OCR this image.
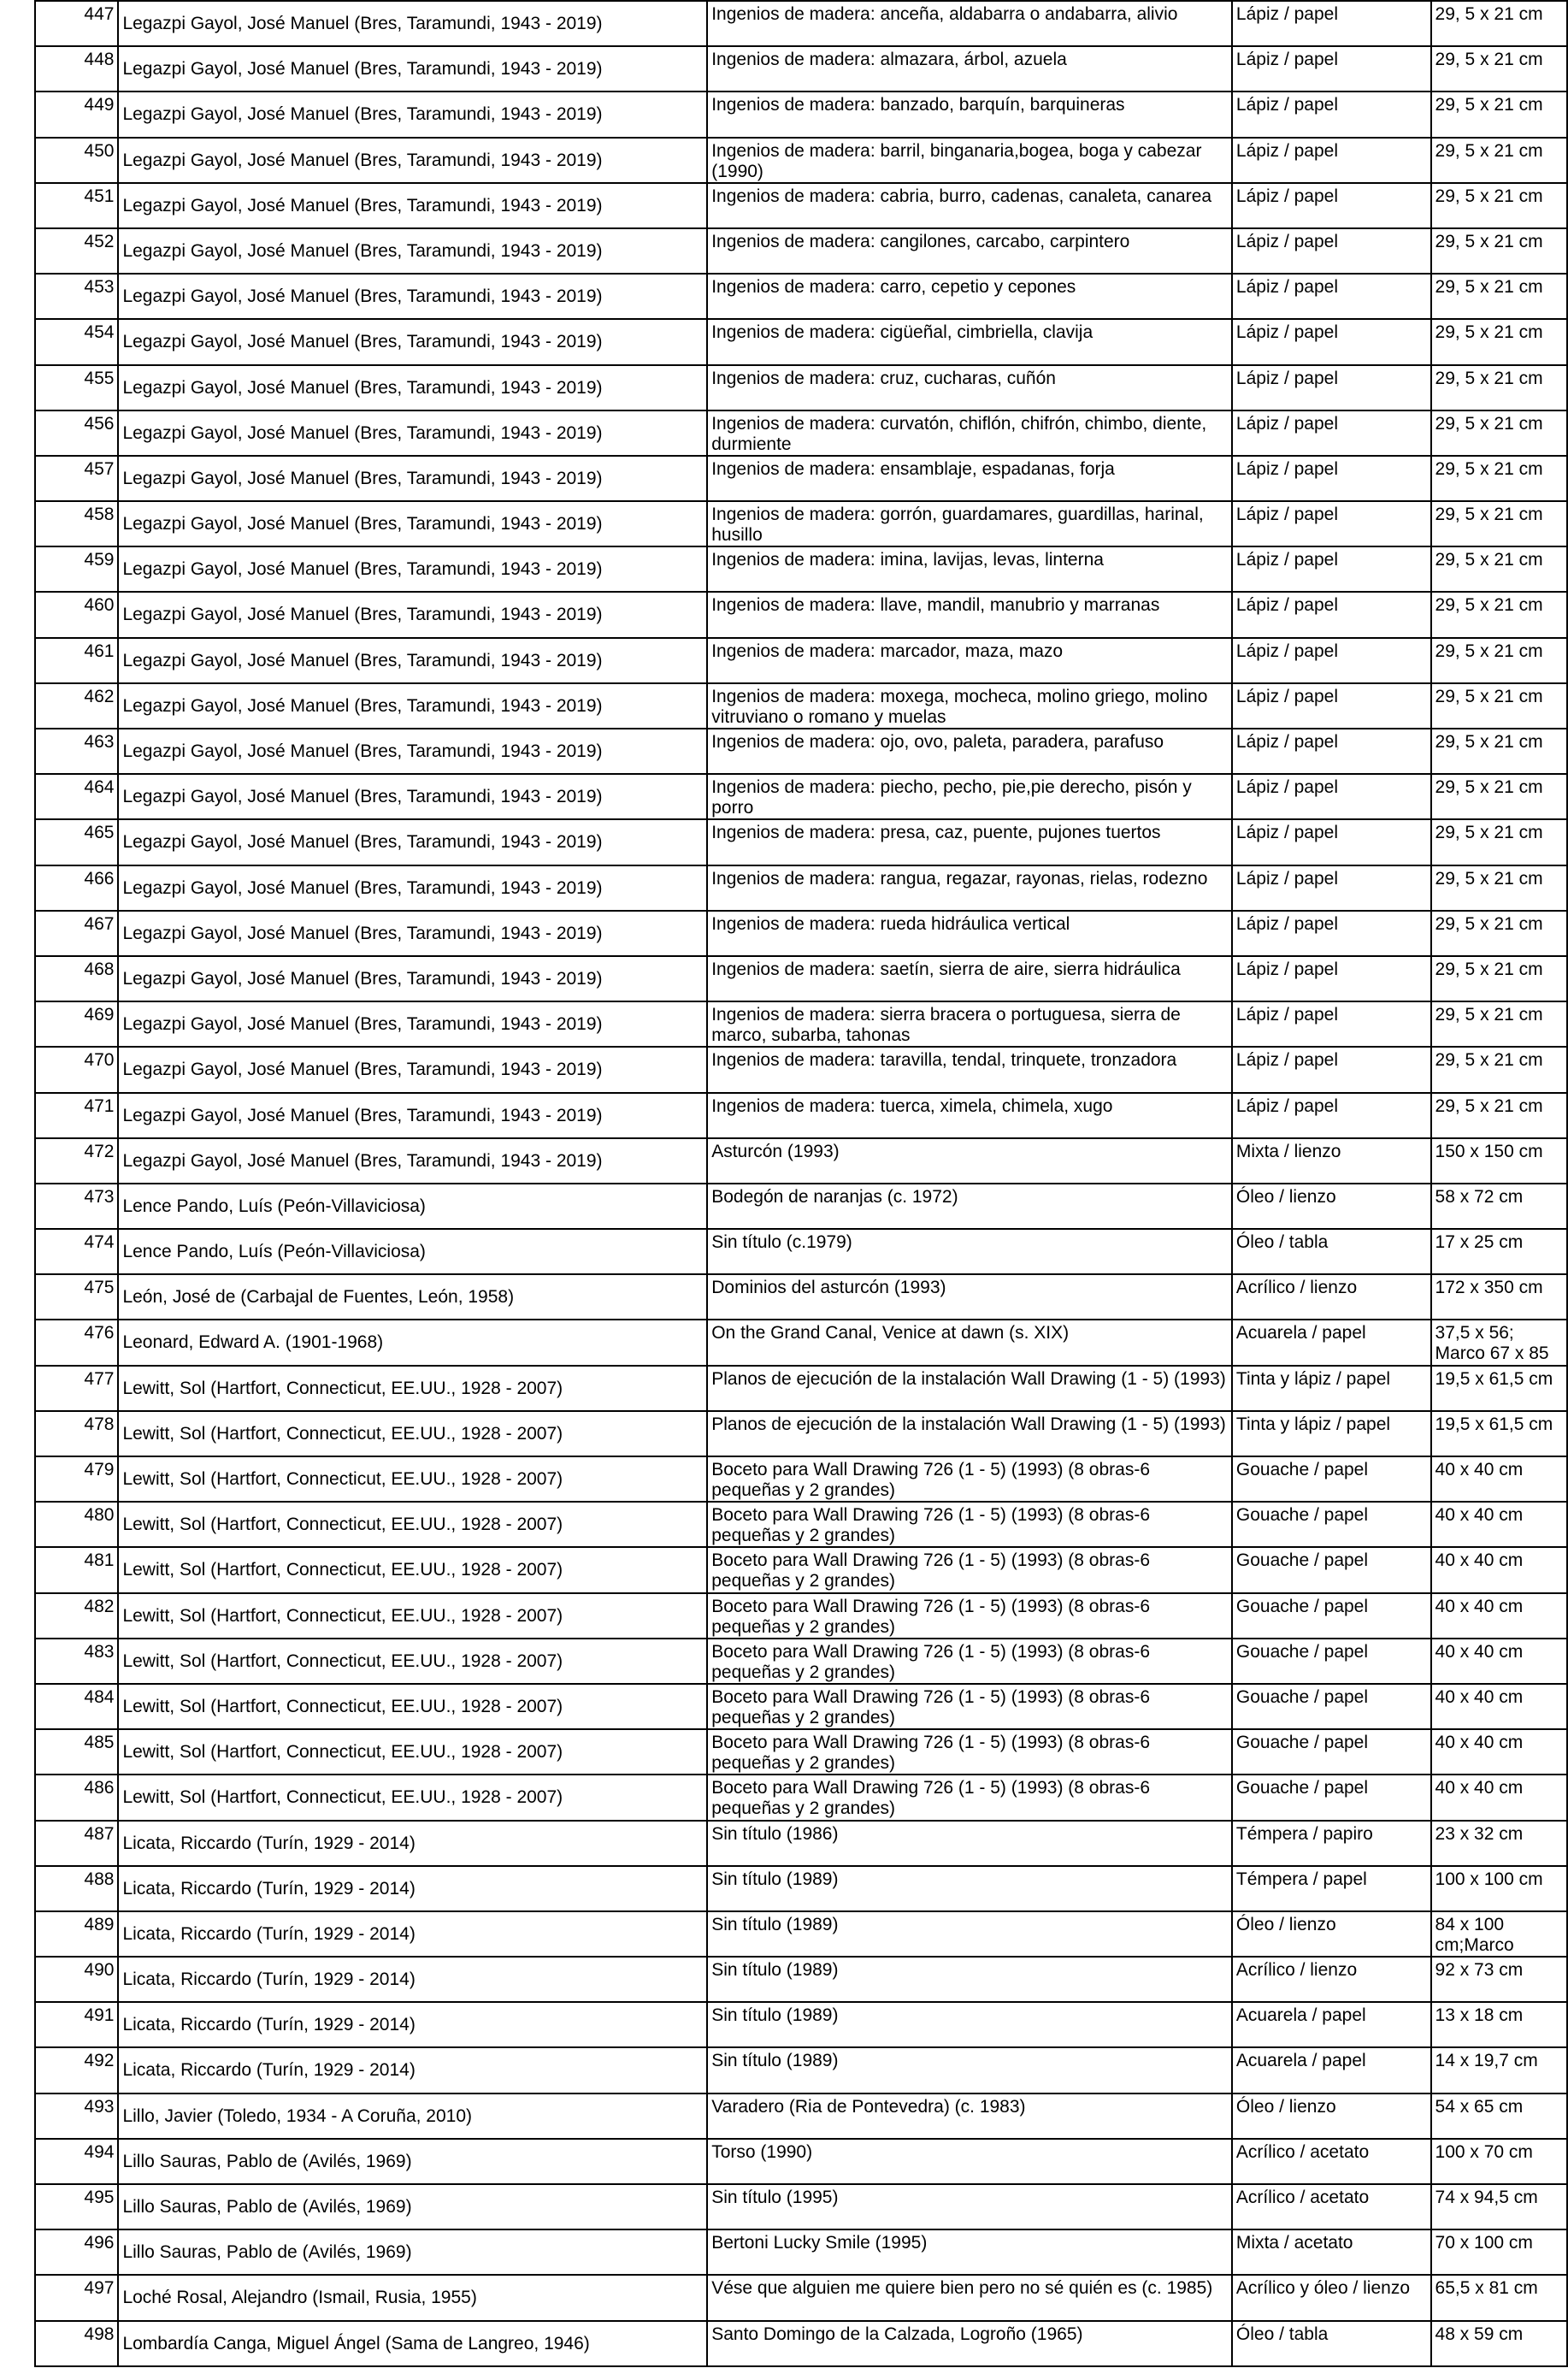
447	Legazpi Gayol, José Manuel (Bres, Taramundi, 1943 - 2019)	Ingenios de madera: anceña, aldabarra o andabarra, alivio	Lápiz / papel	29, 5 x 21 cm

448	Legazpi Gayol, José Manuel (Bres, Taramundi, 1943 - 2019)	Ingenios de madera: almazara, árbol, azuela	Lápiz / papel	29, 5 x 21 cm

449	Legazpi Gayol, José Manuel (Bres, Taramundi, 1943 - 2019)	Ingenios de madera: banzado, barquín, barquineras	Lápiz / papel	29, 5 x 21 cm

450	Legazpi Gayol, José Manuel (Bres, Taramundi, 1943 - 2019)	Ingenios de madera: barril, binganaria,bogea, boga y cabezar (1990)	Lápiz / papel	29, 5 x 21 cm

451	Legazpi Gayol, José Manuel (Bres, Taramundi, 1943 - 2019)	Ingenios de madera: cabria, burro, cadenas, canaleta, canarea	Lápiz / papel	29, 5 x 21 cm

452	Legazpi Gayol, José Manuel (Bres, Taramundi, 1943 - 2019)	Ingenios de madera: cangilones, carcabo, carpintero	Lápiz / papel	29, 5 x 21 cm

453	Legazpi Gayol, José Manuel (Bres, Taramundi, 1943 - 2019)	Ingenios de madera: carro, cepetio y cepones	Lápiz / papel	29, 5 x 21 cm

454	Legazpi Gayol, José Manuel (Bres, Taramundi, 1943 - 2019)	Ingenios de madera: cigüeñal, cimbriella, clavija	Lápiz / papel	29, 5 x 21 cm

455	Legazpi Gayol, José Manuel (Bres, Taramundi, 1943 - 2019)	Ingenios de madera: cruz, cucharas, cuñón	Lápiz / papel	29, 5 x 21 cm

456	Legazpi Gayol, José Manuel (Bres, Taramundi, 1943 - 2019)	Ingenios de madera: curvatón, chiflón, chifrón, chimbo, diente, durmiente	Lápiz / papel	29, 5 x 21 cm

457	Legazpi Gayol, José Manuel (Bres, Taramundi, 1943 - 2019)	Ingenios de madera: ensamblaje, espadanas, forja	Lápiz / papel	29, 5 x 21 cm

458	Legazpi Gayol, José Manuel (Bres, Taramundi, 1943 - 2019)	Ingenios de madera: gorrón, guardamares, guardillas, harinal, husillo	Lápiz / papel	29, 5 x 21 cm

459	Legazpi Gayol, José Manuel (Bres, Taramundi, 1943 - 2019)	Ingenios de madera: imina, lavijas, levas, linterna	Lápiz / papel	29, 5 x 21 cm

460	Legazpi Gayol, José Manuel (Bres, Taramundi, 1943 - 2019)	Ingenios de madera: llave, mandil, manubrio y marranas	Lápiz / papel	29, 5 x 21 cm

461	Legazpi Gayol, José Manuel (Bres, Taramundi, 1943 - 2019)	Ingenios de madera: marcador, maza, mazo	Lápiz / papel	29, 5 x 21 cm

462	Legazpi Gayol, José Manuel (Bres, Taramundi, 1943 - 2019)	Ingenios de madera: moxega, mocheca, molino griego, molino vitruviano o romano y muelas	Lápiz / papel	29, 5 x 21 cm

463	Legazpi Gayol, José Manuel (Bres, Taramundi, 1943 - 2019)	Ingenios de madera: ojo, ovo, paleta, paradera, parafuso	Lápiz / papel	29, 5 x 21 cm

464	Legazpi Gayol, José Manuel (Bres, Taramundi, 1943 - 2019)	Ingenios de madera: piecho, pecho, pie,pie derecho, pisón y porro	Lápiz / papel	29, 5 x 21 cm

465	Legazpi Gayol, José Manuel (Bres, Taramundi, 1943 - 2019)	Ingenios de madera: presa, caz, puente, pujones tuertos	Lápiz / papel	29, 5 x 21 cm

466	Legazpi Gayol, José Manuel (Bres, Taramundi, 1943 - 2019)	Ingenios de madera: rangua, regazar, rayonas, rielas, rodezno	Lápiz / papel	29, 5 x 21 cm

467	Legazpi Gayol, José Manuel (Bres, Taramundi, 1943 - 2019)	Ingenios de madera: rueda hidráulica vertical	Lápiz / papel	29, 5 x 21 cm

468	Legazpi Gayol, José Manuel (Bres, Taramundi, 1943 - 2019)	Ingenios de madera: saetín, sierra de aire, sierra hidráulica	Lápiz / papel	29, 5 x 21 cm

469	Legazpi Gayol, José Manuel (Bres, Taramundi, 1943 - 2019)	Ingenios de madera: sierra bracera o portuguesa, sierra de marco, subarba, tahonas	Lápiz / papel	29, 5 x 21 cm

470	Legazpi Gayol, José Manuel (Bres, Taramundi, 1943 - 2019)	Ingenios de madera: taravilla, tendal, trinquete, tronzadora	Lápiz / papel	29, 5 x 21 cm

471	Legazpi Gayol, José Manuel (Bres, Taramundi, 1943 - 2019)	Ingenios de madera: tuerca, ximela, chimela, xugo	Lápiz / papel	29, 5 x 21 cm

472	Legazpi Gayol, José Manuel (Bres, Taramundi, 1943 - 2019)	Asturcón (1993)	Mixta / lienzo	150 x 150 cm

473	Lence Pando, Luís (Peón-Villaviciosa)	Bodegón de naranjas (c. 1972)	Óleo / lienzo	58 x 72 cm

474	Lence Pando, Luís (Peón-Villaviciosa)	Sin título (c.1979)	Óleo / tabla	17 x 25 cm

475	León, José de (Carbajal de Fuentes, León, 1958)	Dominios del asturcón (1993)	Acrílico / lienzo	172 x 350 cm

476	Leonard, Edward A. (1901-1968)	On the Grand Canal, Venice at dawn (s. XIX)	Acuarela / papel	37,5 x 56; Marco 67 x 85

477	Lewitt, Sol (Hartfort, Connecticut, EE.UU., 1928 - 2007)	Planos de ejecución de la instalación Wall Drawing (1 - 5) (1993)	Tinta y lápiz / papel	19,5 x 61,5 cm

478	Lewitt, Sol (Hartfort, Connecticut, EE.UU., 1928 - 2007)	Planos de ejecución de la instalación Wall Drawing (1 - 5) (1993)	Tinta y lápiz / papel	19,5 x 61,5 cm

479	Lewitt, Sol (Hartfort, Connecticut, EE.UU., 1928 - 2007)	Boceto para Wall Drawing 726 (1 - 5) (1993) (8 obras-6 pequeñas y 2 grandes)	Gouache / papel	40 x 40 cm

480	Lewitt, Sol (Hartfort, Connecticut, EE.UU., 1928 - 2007)	Boceto para Wall Drawing 726 (1 - 5) (1993) (8 obras-6 pequeñas y 2 grandes)	Gouache / papel	40 x 40 cm

481	Lewitt, Sol (Hartfort, Connecticut, EE.UU., 1928 - 2007)	Boceto para Wall Drawing 726 (1 - 5) (1993) (8 obras-6 pequeñas y 2 grandes)	Gouache / papel	40 x 40 cm

482	Lewitt, Sol (Hartfort, Connecticut, EE.UU., 1928 - 2007)	Boceto para Wall Drawing 726 (1 - 5) (1993) (8 obras-6 pequeñas y 2 grandes)	Gouache / papel	40 x 40 cm

483	Lewitt, Sol (Hartfort, Connecticut, EE.UU., 1928 - 2007)	Boceto para Wall Drawing 726 (1 - 5) (1993) (8 obras-6 pequeñas y 2 grandes)	Gouache / papel	40 x 40 cm

484	Lewitt, Sol (Hartfort, Connecticut, EE.UU., 1928 - 2007)	Boceto para Wall Drawing 726 (1 - 5) (1993) (8 obras-6 pequeñas y 2 grandes)	Gouache / papel	40 x 40 cm

485	Lewitt, Sol (Hartfort, Connecticut, EE.UU., 1928 - 2007)	Boceto para Wall Drawing 726 (1 - 5) (1993) (8 obras-6 pequeñas y 2 grandes)	Gouache / papel	40 x 40 cm

486	Lewitt, Sol (Hartfort, Connecticut, EE.UU., 1928 - 2007)	Boceto para Wall Drawing 726 (1 - 5) (1993) (8 obras-6 pequeñas y 2 grandes)	Gouache / papel	40 x 40 cm

487	Licata, Riccardo (Turín, 1929 - 2014)	Sin título (1986)	Témpera / papiro	23 x 32 cm

488	Licata, Riccardo (Turín, 1929 - 2014)	Sin título (1989)	Témpera / papel	100 x 100 cm

489	Licata, Riccardo (Turín, 1929 - 2014)	Sin título (1989)	Óleo / lienzo	84 x 100 cm;Marco

490	Licata, Riccardo (Turín, 1929 - 2014)	Sin título (1989)	Acrílico / lienzo	92 x 73 cm

491	Licata, Riccardo (Turín, 1929 - 2014)	Sin título (1989)	Acuarela / papel	13 x 18 cm

492	Licata, Riccardo (Turín, 1929 - 2014)	Sin título (1989)	Acuarela / papel	14 x 19,7 cm

493	Lillo, Javier (Toledo, 1934 - A Coruña, 2010)	Varadero (Ria de Pontevedra) (c. 1983)	Óleo / lienzo	54 x 65 cm

494	Lillo Sauras, Pablo de (Avilés, 1969)	Torso (1990)	Acrílico / acetato	100 x 70 cm

495	Lillo Sauras, Pablo de (Avilés, 1969)	Sin título (1995)	Acrílico / acetato	74 x 94,5 cm

496	Lillo Sauras, Pablo de (Avilés, 1969)	Bertoni Lucky Smile (1995)	Mixta / acetato	70 x 100 cm

497	Loché Rosal, Alejandro (Ismail, Rusia, 1955)	Vése que alguien me quiere bien pero no sé quién es (c. 1985)	Acrílico y óleo / lienzo	65,5 x 81 cm

498	Lombardía Canga, Miguel Ángel (Sama de Langreo, 1946)	Santo Domingo de la Calzada, Logroño (1965)	Óleo / tabla	48 x 59 cm
